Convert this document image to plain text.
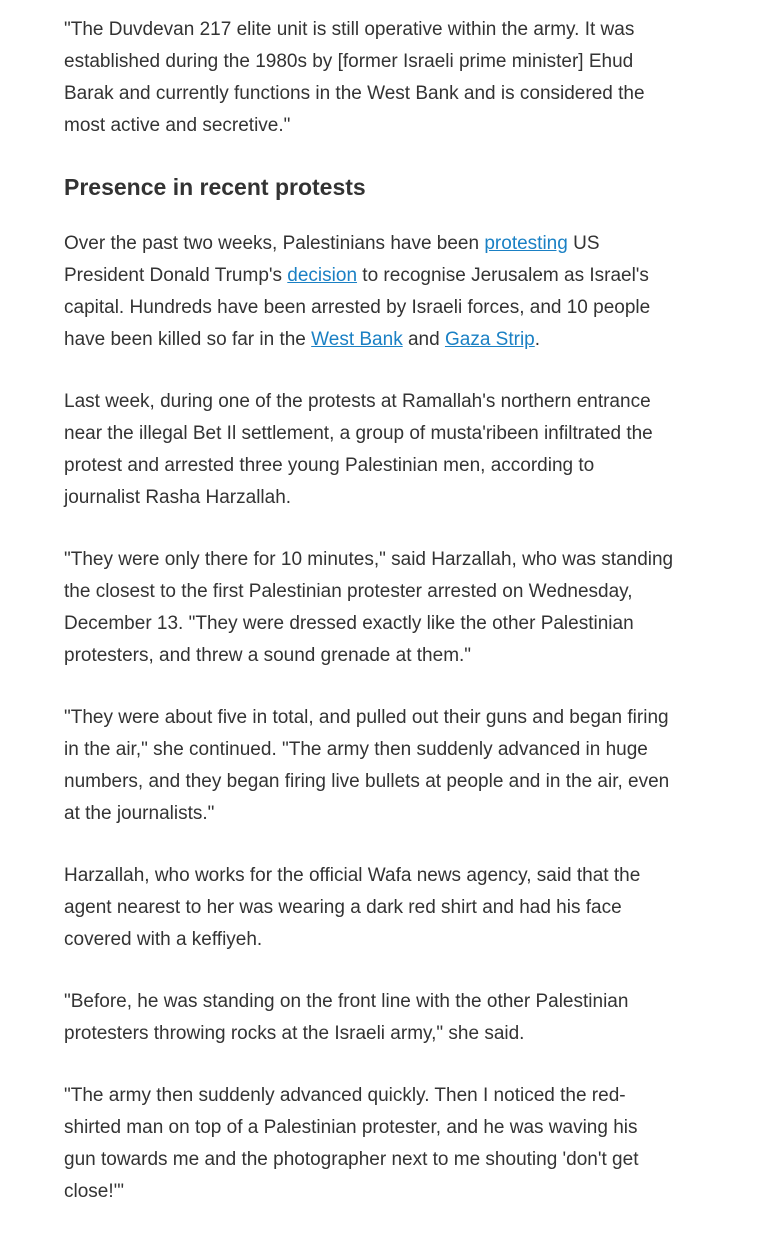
"The Duvdevan 217 elite unit is still operative within the army. It was established during the 1980s by [former Israeli prime minister] Ehud Barak and currently functions in the West Bank and is considered the most active and secretive."

Presence in recent protests

Over the past two weeks, Palestinians have been protesting US President Donald Trump's decision to recognise Jerusalem as Israel's capital. Hundreds have been arrested by Israeli forces, and 10 people have been killed so far in the West Bank and Gaza Strip.

Last week, during one of the protests at Ramallah's northern entrance near the illegal Bet Il settlement, a group of musta'ribeen infiltrated the protest and arrested three young Palestinian men, according to journalist Rasha Harzallah.

"They were only there for 10 minutes," said Harzallah, who was standing the closest to the first Palestinian protester arrested on Wednesday, December 13. "They were dressed exactly like the other Palestinian protesters, and threw a sound grenade at them."

"They were about five in total, and pulled out their guns and began firing in the air," she continued. "The army then suddenly advanced in huge numbers, and they began firing live bullets at people and in the air, even at the journalists."

Harzallah, who works for the official Wafa news agency, said that the agent nearest to her was wearing a dark red shirt and had his face covered with a keffiyeh.

"Before, he was standing on the front line with the other Palestinian protesters throwing rocks at the Israeli army," she said.

"The army then suddenly advanced quickly. Then I noticed the red-shirted man on top of a Palestinian protester, and he was waving his gun towards me and the photographer next to me shouting 'don't get close!'"
